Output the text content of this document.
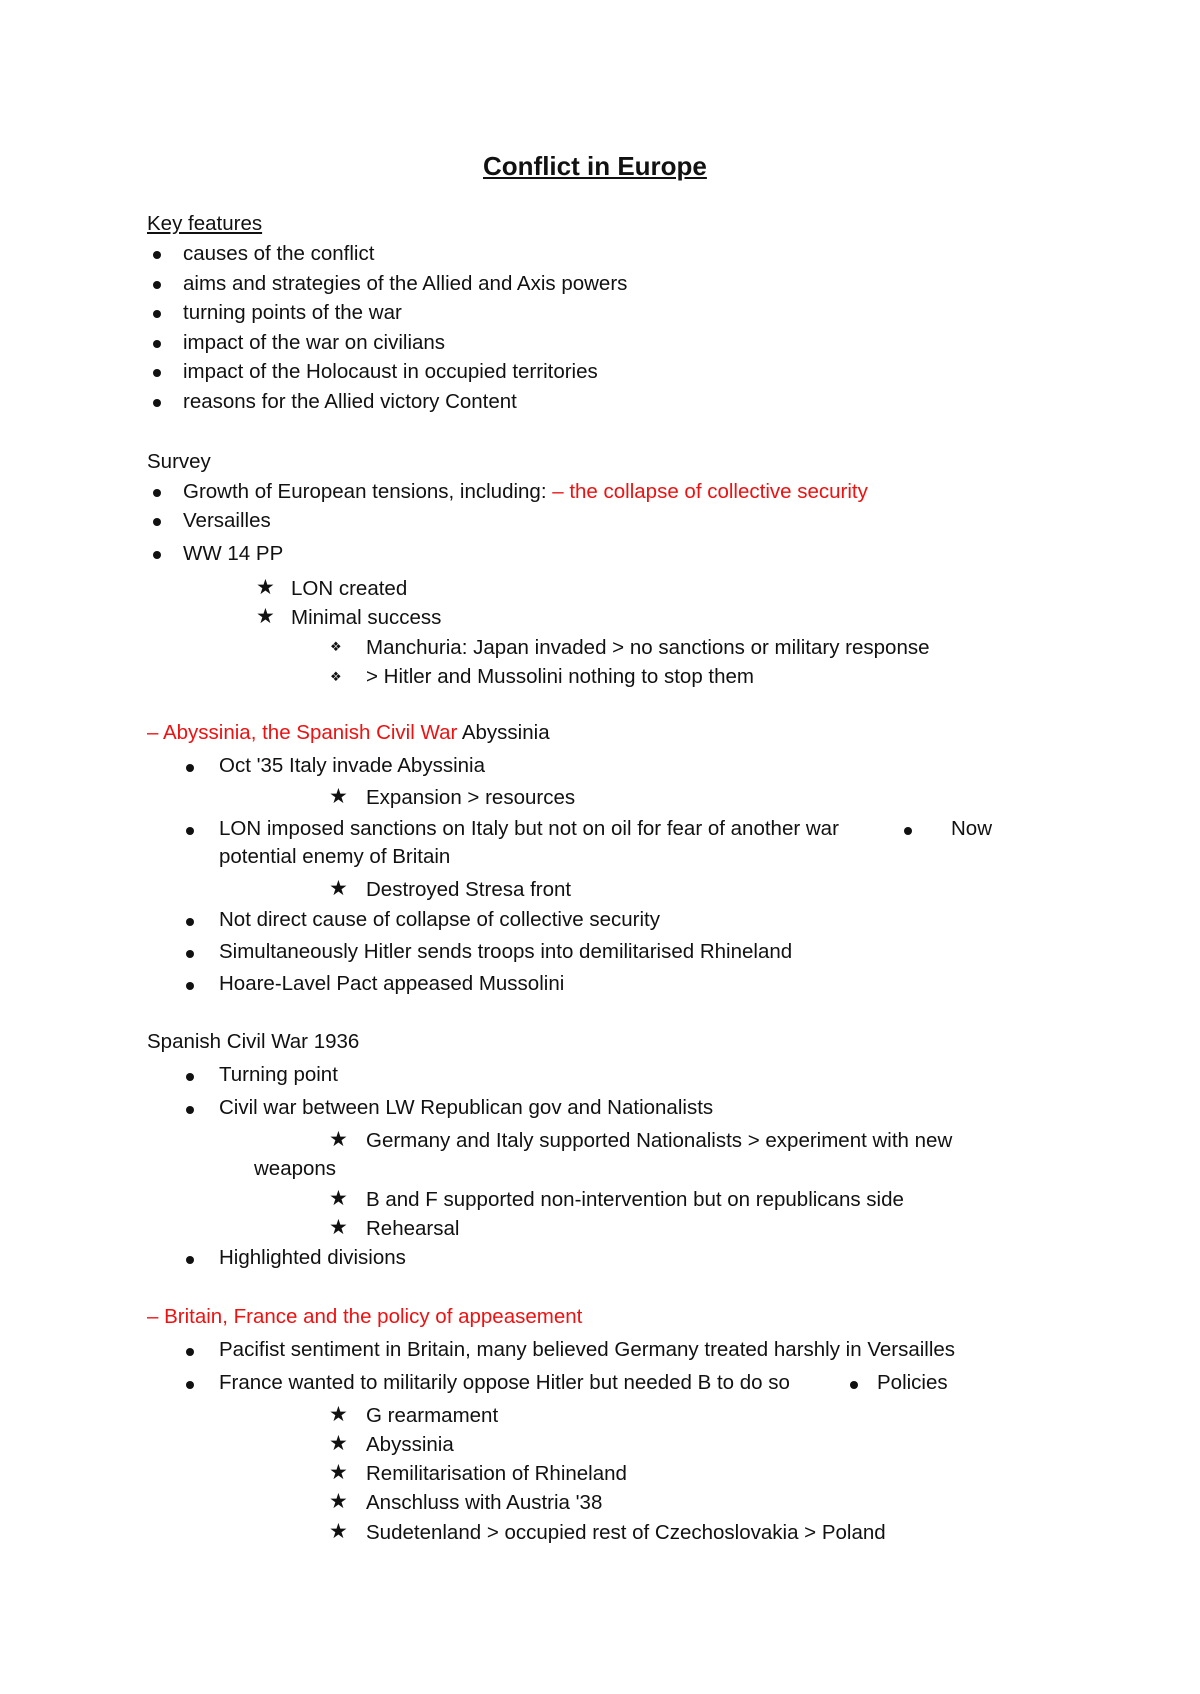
Conflict in Europe
Key features
causes of the conflict
aims and strategies of the Allied and Axis powers
turning points of the war
impact of the war on civilians
impact of the Holocaust in occupied territories
reasons for the Allied victory Content
Survey
Growth of European tensions, including: – the collapse of collective security
Versailles
WW 14 PP
★ LON created
★ Minimal success
❖ Manchuria: Japan invaded > no sanctions or military response
❖ > Hitler and Mussolini nothing to stop them
– Abyssinia, the Spanish Civil War Abyssinia
Oct '35 Italy invade Abyssinia
★ Expansion > resources
LON imposed sanctions on Italy but not on oil for fear of another war	Now
potential enemy of Britain
★ Destroyed Stresa front
Not direct cause of collapse of collective security
Simultaneously Hitler sends troops into demilitarised Rhineland
Hoare-Lavel Pact appeased Mussolini
Spanish Civil War 1936
Turning point
Civil war between LW Republican gov and Nationalists
★ Germany and Italy supported Nationalists > experiment with new
weapons
★ B and F supported non-intervention but on republicans side
★ Rehearsal
Highlighted divisions
– Britain, France and the policy of appeasement
Pacifist sentiment in Britain, many believed Germany treated harshly in Versailles
France wanted to militarily oppose Hitler but needed B to do so	Policies
★ G rearmament
★ Abyssinia
★ Remilitarisation of Rhineland
★ Anschluss with Austria '38
★ Sudetenland > occupied rest of Czechoslovakia > Poland
